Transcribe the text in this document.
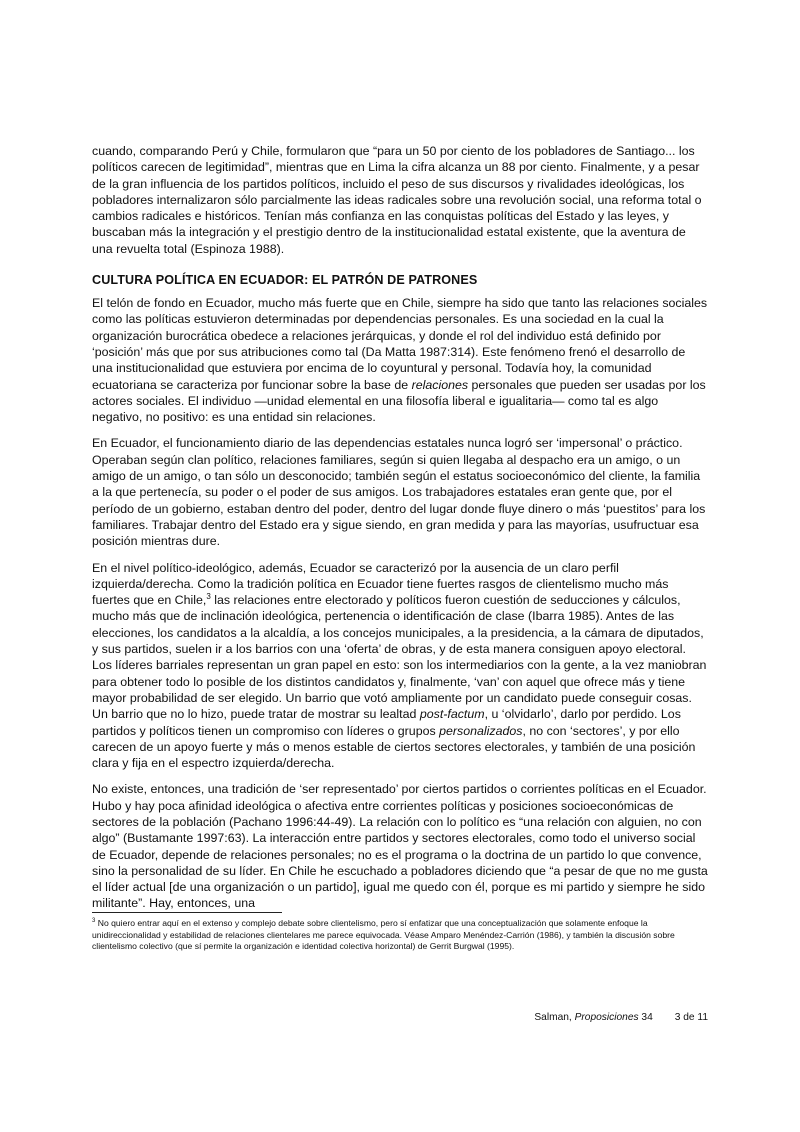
cuando, comparando Perú y Chile, formularon que “para un 50 por ciento de los pobladores de Santiago... los políticos carecen de legitimidad”, mientras que en Lima la cifra alcanza un 88 por ciento. Finalmente, y a pesar de la gran influencia de los partidos políticos, incluido el peso de sus discursos y rivalidades ideológicas, los pobladores internalizaron sólo parcialmente las ideas radicales sobre una revolución social, una reforma total o cambios radicales e históricos. Tenían más confianza en las conquistas políticas del Estado y las leyes, y buscaban más la integración y el prestigio dentro de la institucionalidad estatal existente, que la aventura de una revuelta total (Espinoza 1988).

CULTURA POLÍTICA EN ECUADOR: EL PATRÓN DE PATRONES

El telón de fondo en Ecuador, mucho más fuerte que en Chile, siempre ha sido que tanto las relaciones sociales como las políticas estuvieron determinadas por dependencias personales. Es una sociedad en la cual la organización burocrática obedece a relaciones jerárquicas, y donde el rol del individuo está definido por ‘posición’ más que por sus atribuciones como tal (Da Matta 1987:314). Este fenómeno frenó el desarrollo de una institucionalidad que estuviera por encima de lo coyuntural y personal. Todavía hoy, la comunidad ecuatoriana se caracteriza por funcionar sobre la base de relaciones personales que pueden ser usadas por los actores sociales. El individuo —unidad elemental en una filosofía liberal e igualitaria— como tal es algo negativo, no positivo: es una entidad sin relaciones.

En Ecuador, el funcionamiento diario de las dependencias estatales nunca logró ser ‘impersonal’ o práctico. Operaban según clan político, relaciones familiares, según si quien llegaba al despacho era un amigo, o un amigo de un amigo, o tan sólo un desconocido; también según el estatus socioeconómico del cliente, la familia a la que pertenecía, su poder o el poder de sus amigos. Los trabajadores estatales eran gente que, por el período de un gobierno, estaban dentro del poder, dentro del lugar donde fluye dinero o más ‘puestitos’ para los familiares. Trabajar dentro del Estado era y sigue siendo, en gran medida y para las mayorías, usufructuar esa posición mientras dure.

En el nivel político-ideológico, además, Ecuador se caracterizó por la ausencia de un claro perfil izquierda/derecha. Como la tradición política en Ecuador tiene fuertes rasgos de clientelismo mucho más fuertes que en Chile,$^3$ las relaciones entre electorado y políticos fueron cuestión de seducciones y cálculos, mucho más que de inclinación ideológica, pertenencia o identificación de clase (Ibarra 1985). Antes de las elecciones, los candidatos a la alcaldía, a los concejos municipales, a la presidencia, a la cámara de diputados, y sus partidos, suelen ir a los barrios con una ‘oferta’ de obras, y de esta manera consiguen apoyo electoral. Los líderes barriales representan un gran papel en esto: son los intermediarios con la gente, a la vez maniobran para obtener todo lo posible de los distintos candidatos y, finalmente, ‘van’ con aquel que ofrece más y tiene mayor probabilidad de ser elegido. Un barrio que votó ampliamente por un candidato puede conseguir cosas. Un barrio que no lo hizo, puede tratar de mostrar su lealtad post-factum, u ‘olvidarlo’, darlo por perdido. Los partidos y políticos tienen un compromiso con líderes o grupos personalizados, no con ‘sectores’, y por ello carecen de un apoyo fuerte y más o menos estable de ciertos sectores electorales, y también de una posición clara y fija en el espectro izquierda/derecha.

No existe, entonces, una tradición de ‘ser representado’ por ciertos partidos o corrientes políticas en el Ecuador. Hubo y hay poca afinidad ideológica o afectiva entre corrientes políticas y posiciones socioeconómicas de sectores de la población (Pachano 1996:44-49). La relación con lo político es “una relación con alguien, no con algo” (Bustamante 1997:63). La interacción entre partidos y sectores electorales, como todo el universo social de Ecuador, depende de relaciones personales; no es el programa o la doctrina de un partido lo que convence, sino la personalidad de su líder. En Chile he escuchado a pobladores diciendo que “a pesar de que no me gusta el líder actual [de una organización o un partido], igual me quedo con él, porque es mi partido y siempre he sido militante”. Hay, entonces, una

$^3$ No quiero entrar aquí en el extenso y complejo debate sobre clientelismo, pero sí enfatizar que una conceptualización que solamente enfoque la unidireccionalidad y estabilidad de relaciones clientelares me parece equivocada. Véase Amparo Menéndez-Carrión (1986), y también la discusión sobre clientelismo colectivo (que sí permite la organización e identidad colectiva horizontal) de Gerrit Burgwal (1995).
Salman, Proposiciones 34 3 de 11
